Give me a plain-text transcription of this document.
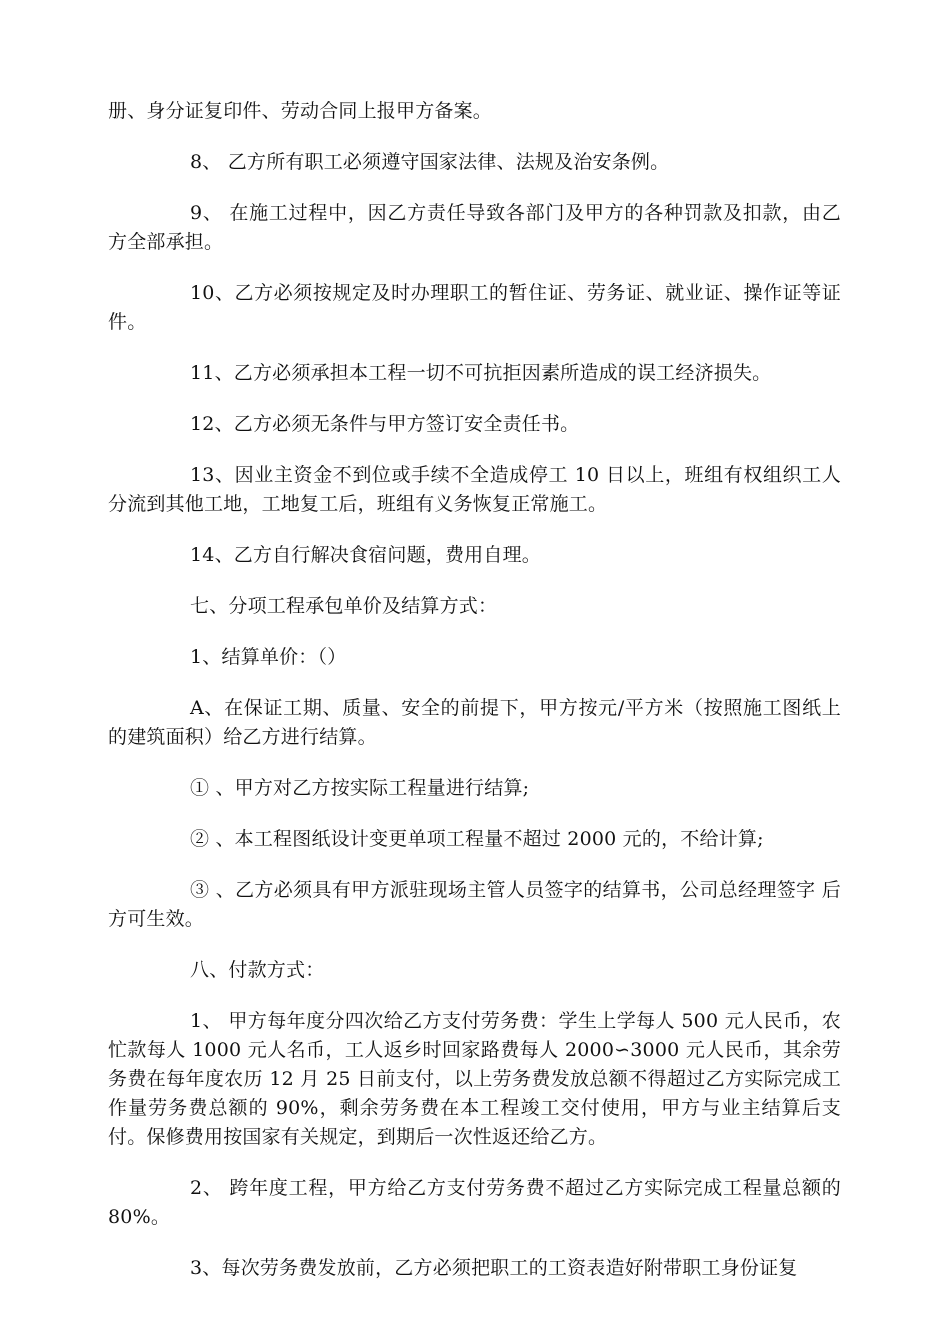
册、身分证复印件、劳动合同上报甲方备案。

8、 乙方所有职工必须遵守国家法律、法规及治安条例。

9、 在施工过程中，因乙方责任导致各部门及甲方的各种罚款及扣款，由乙方全部承担。

10、乙方必须按规定及时办理职工的暂住证、劳务证、就业证、操作证等证件。

11、乙方必须承担本工程一切不可抗拒因素所造成的误工经济损失。

12、乙方必须无条件与甲方签订安全责任书。

13、因业主资金不到位或手续不全造成停工 10 日以上，班组有权组织工人分流到其他工地，工地复工后，班组有义务恢复正常施工。

14、乙方自行解决食宿问题，费用自理。

七、分项工程承包单价及结算方式：

1、结算单价：（）

A、在保证工期、质量、安全的前提下，甲方按元/平方米（按照施工图纸上的建筑面积）给乙方进行结算。

① 、甲方对乙方按实际工程量进行结算;

② 、本工程图纸设计变更单项工程量不超过 2000 元的，不给计算;

③ 、乙方必须具有甲方派驻现场主管人员签字的结算书，公司总经理签字 后方可生效。

八、付款方式：

1、 甲方每年度分四次给乙方支付劳务费：学生上学每人 500 元人民币，农忙款每人 1000 元人名币，工人返乡时回家路费每人 2000∽3000 元人民币，其余劳务费在每年度农历 12 月 25 日前支付，以上劳务费发放总额不得超过乙方实际完成工作量劳务费总额的 90%，剩余劳务费在本工程竣工交付使用，甲方与业主结算后支付。保修费用按国家有关规定，到期后一次性返还给乙方。

2、 跨年度工程，甲方给乙方支付劳务费不超过乙方实际完成工程量总额的 80%。

3、每次劳务费发放前，乙方必须把职工的工资表造好附带职工身份证复
